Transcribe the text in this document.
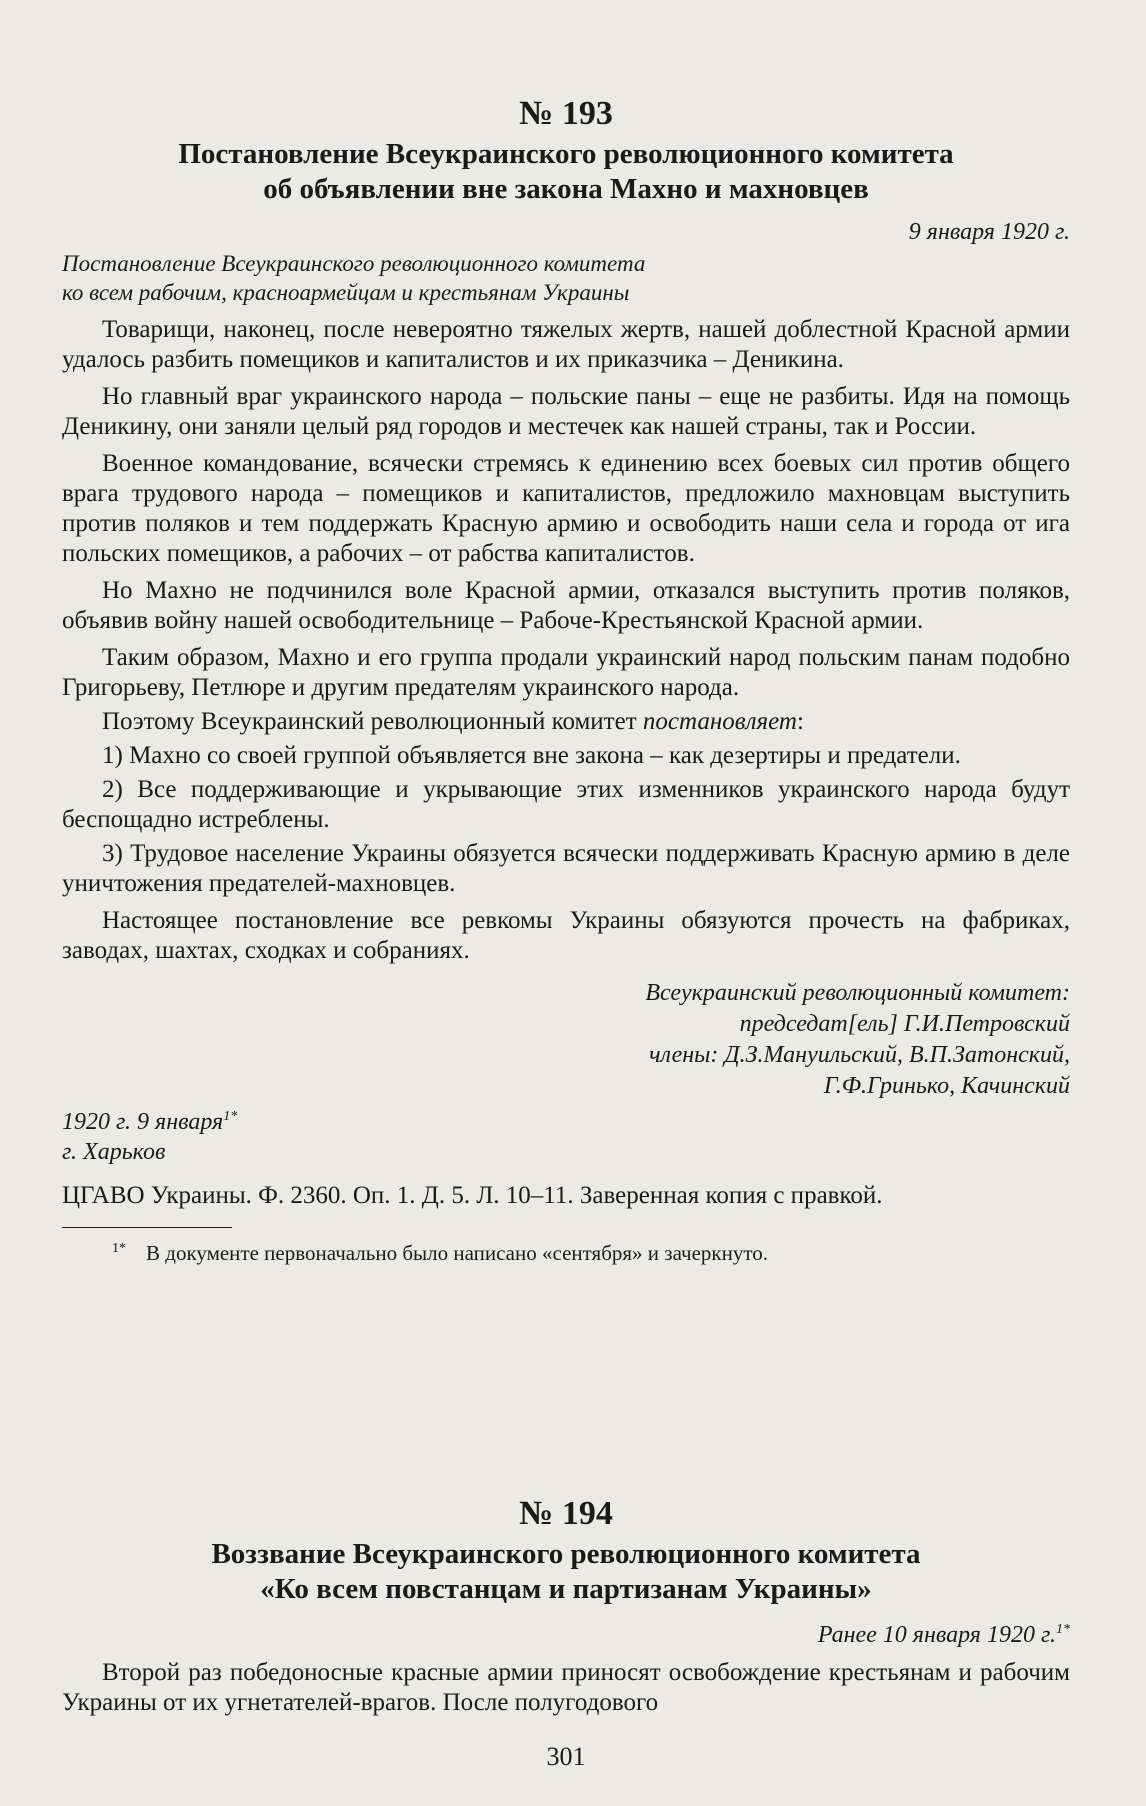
№ 193
Постановление Всеукраинского революционного комитета
об объявлении вне закона Махно и махновцев
9 января 1920 г.
Постановление Всеукраинского революционного комитета
ко всем рабочим, красноармейцам и крестьянам Украины

Товарищи, наконец, после невероятно тяжелых жертв, нашей доблестной Красной армии удалось разбить помещиков и капиталистов и их приказчика – Деникина.

Но главный враг украинского народа – польские паны – еще не разбиты. Идя на помощь Деникину, они заняли целый ряд городов и местечек как нашей страны, так и России.

Военное командование, всячески стремясь к единению всех боевых сил против общего врага трудового народа – помещиков и капиталистов, предложило махновцам выступить против поляков и тем поддержать Красную армию и освободить наши села и города от ига польских помещиков, а рабочих – от рабства капиталистов.

Но Махно не подчинился воле Красной армии, отказался выступить против поляков, объявив войну нашей освободительнице – Рабоче-Крестьянской Красной армии.

Таким образом, Махно и его группа продали украинский народ польским панам подобно Григорьеву, Петлюре и другим предателям украинского народа.

Поэтому Всеукраинский революционный комитет постановляет:

1) Махно со своей группой объявляется вне закона – как дезертиры и предатели.

2) Все поддерживающие и укрывающие этих изменников украинского народа будут беспощадно истреблены.

3) Трудовое население Украины обязуется всячески поддерживать Красную армию в деле уничтожения предателей-махновцев.

Настоящее постановление все ревкомы Украины обязуются прочесть на фабриках, заводах, шахтах, сходках и собраниях.

Всеукраинский революционный комитет:
председат[ель] Г.И.Петровский
члены: Д.З.Мануильский, В.П.Затонский,
Г.Ф.Гринько, Качинский
1920 г. 9 января$^{1*}$
г. Харьков
ЦГАВО Украины. Ф. 2360. Оп. 1. Д. 5. Л. 10–11. Заверенная копия с правкой.
$^{1*}$ В документе первоначально было написано «сентября» и зачеркнуто.
№ 194
Воззвание Всеукраинского революционного комитета
«Ко всем повстанцам и партизанам Украины»
Ранее 10 января 1920 г.$^{1*}$

Второй раз победоносные красные армии приносят освобождение крестьянам и рабочим Украины от их угнетателей-врагов. После полугодового

301
